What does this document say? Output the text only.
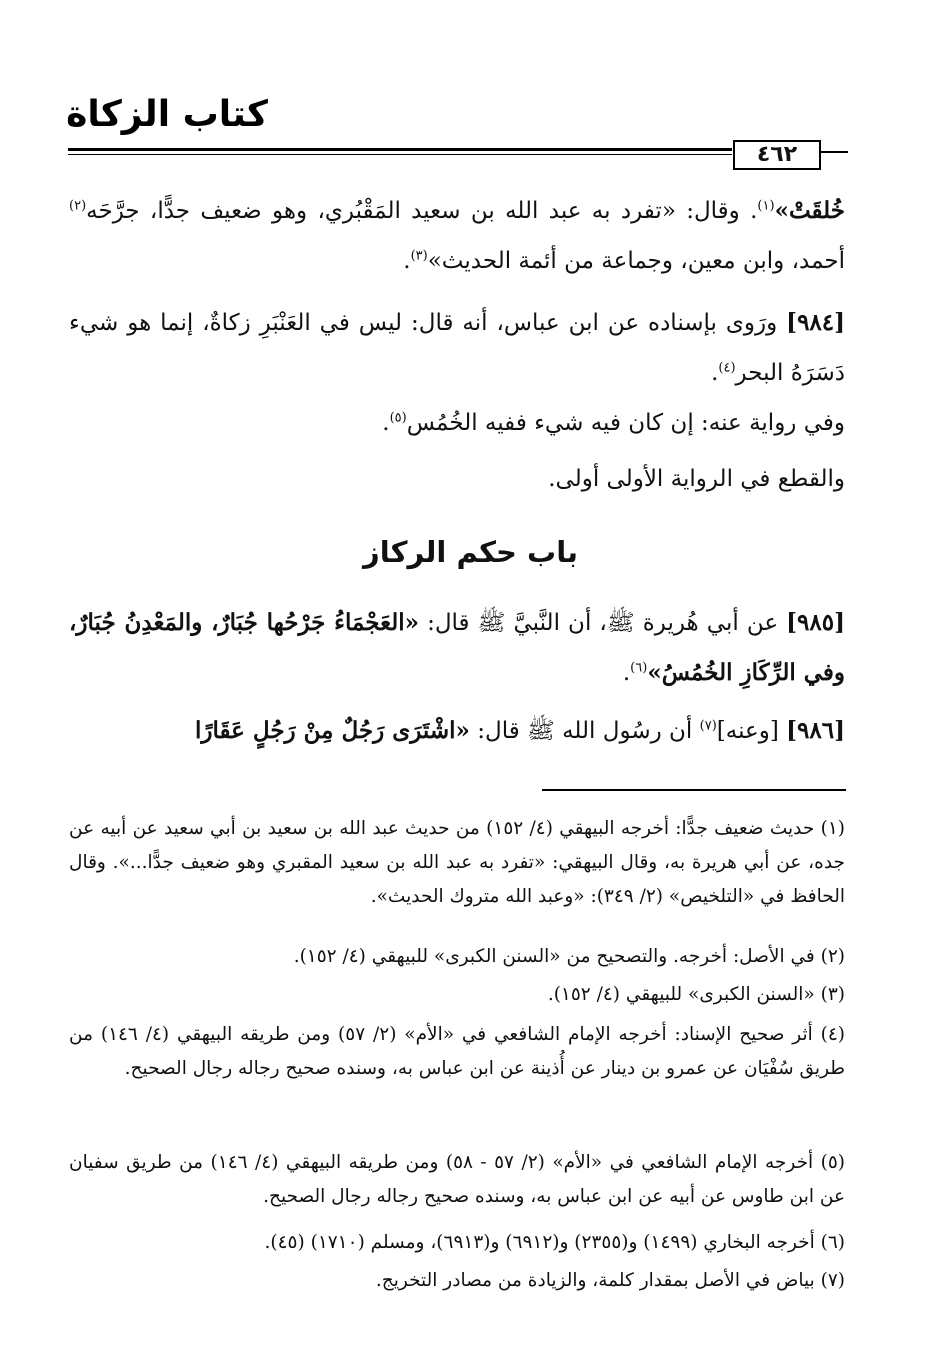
كتاب الزكاة
٤٦٢
خُلقَتْ»$^{(١)}$. وقال: «تفرد به عبد الله بن سعيد المَقْبُري، وهو ضعيف جدًّا، جرَّحَه$^{(٢)}$ أحمد، وابن معين، وجماعة من أئمة الحديث»$^{(٣)}$.
[٩٨٤] ورَوى بإسناده عن ابن عباس، أنه قال: ليس في العَنْبَرِ زكاةٌ، إنما هو شيء دَسَرَهُ البحر$^{(٤)}$.
وفي رواية عنه: إن كان فيه شيء ففيه الخُمُس$^{(٥)}$.
والقطع في الرواية الأولى أولى.
باب حكم الركاز
[٩٨٥] عن أبي هُريرة ﷺ، أن النَّبيَّ ﷺ قال: «العَجْمَاءُ جَرْحُها جُبَارٌ، والمَعْدِنُ جُبَارٌ، وفي الرِّكَازِ الخُمُسُ»$^{(٦)}$.
[٩٨٦] [وعنه]$^{(٧)}$ أن رسُول الله ﷺ قال: «اشْتَرَى رَجُلٌ مِنْ رَجُلٍ عَقَارًا
(١) حديث ضعيف جدًّا: أخرجه البيهقي (٤/ ١٥٢) من حديث عبد الله بن سعيد بن أبي سعيد عن أبيه عن جده، عن أبي هريرة به، وقال البيهقي: «تفرد به عبد الله بن سعيد المقبري وهو ضعيف جدًّا...». وقال الحافظ في «التلخيص» (٢/ ٣٤٩): «وعبد الله متروك الحديث».
(٢) في الأصل: أخرجه. والتصحيح من «السنن الكبرى» للبيهقي (٤/ ١٥٢).
(٣) «السنن الكبرى» للبيهقي (٤/ ١٥٢).
(٤) أثر صحيح الإسناد: أخرجه الإمام الشافعي في «الأم» (٢/ ٥٧) ومن طريقه البيهقي (٤/ ١٤٦) من طريق سُفْيَان عن عمرو بن دينار عن أُذينة عن ابن عباس به، وسنده صحيح رجاله رجال الصحيح.
(٥) أخرجه الإمام الشافعي في «الأم» (٢/ ٥٧ - ٥٨) ومن طريقه البيهقي (٤/ ١٤٦) من طريق سفيان عن ابن طاوس عن أبيه عن ابن عباس به، وسنده صحيح رجاله رجال الصحيح.
(٦) أخرجه البخاري (١٤٩٩) و(٢٣٥٥) و(٦٩١٢) و(٦٩١٣)، ومسلم (١٧١٠) (٤٥).
(٧) بياض في الأصل بمقدار كلمة، والزيادة من مصادر التخريج.
